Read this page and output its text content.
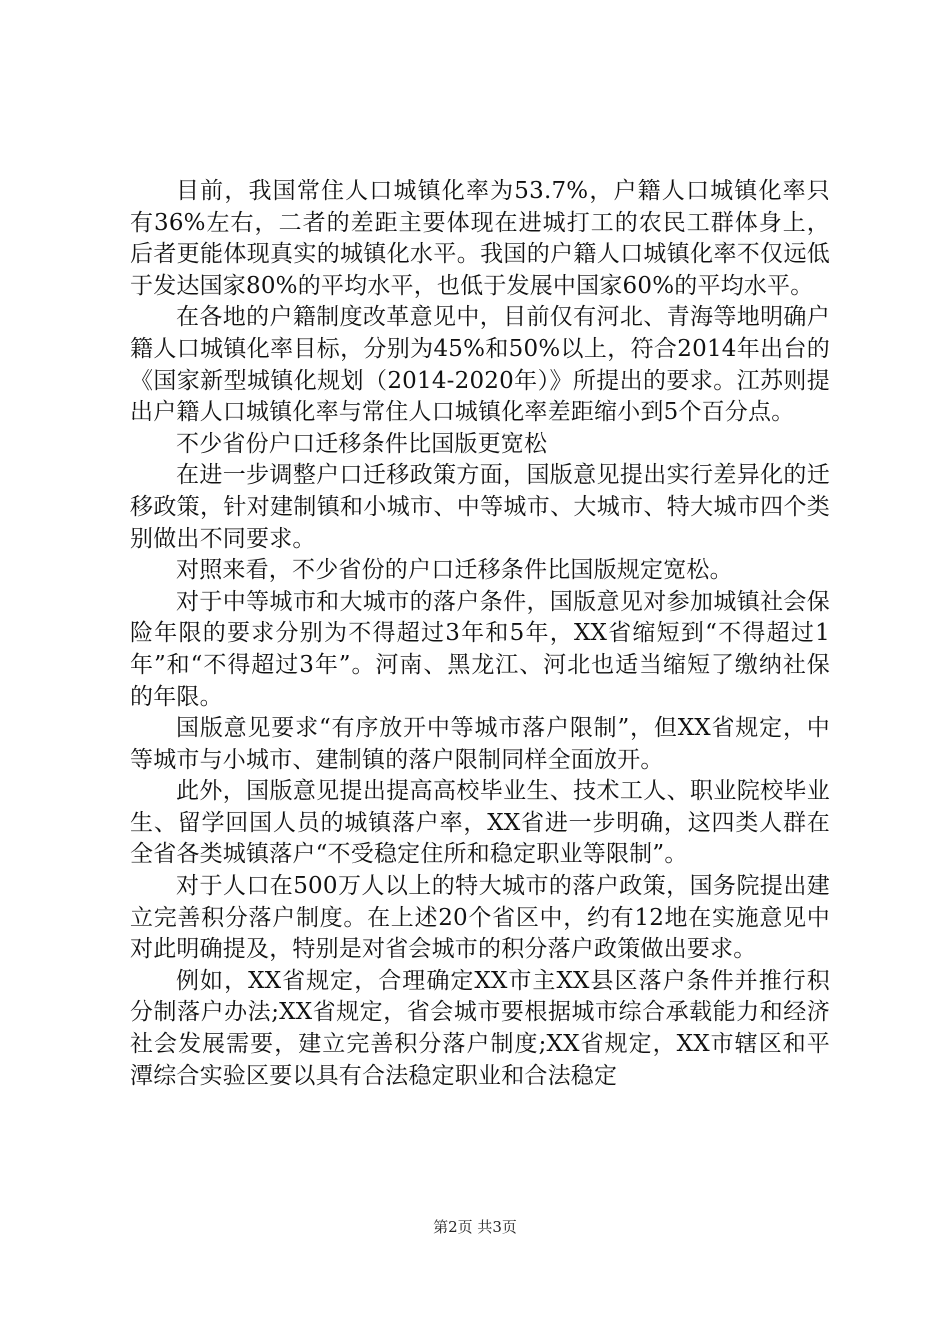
目前，我国常住人口城镇化率为53.7%，户籍人口城镇化率只有36%左右，二者的差距主要体现在进城打工的农民工群体身上，后者更能体现真实的城镇化水平。我国的户籍人口城镇化率不仅远低于发达国家80%的平均水平，也低于发展中国家60%的平均水平。

在各地的户籍制度改革意见中，目前仅有河北、青海等地明确户籍人口城镇化率目标，分别为45%和50%以上，符合2014年出台的《国家新型城镇化规划（2014-2020年）》所提出的要求。江苏则提出户籍人口城镇化率与常住人口城镇化率差距缩小到5个百分点。

不少省份户口迁移条件比国版更宽松

在进一步调整户口迁移政策方面，国版意见提出实行差异化的迁移政策，针对建制镇和小城市、中等城市、大城市、特大城市四个类别做出不同要求。

对照来看，不少省份的户口迁移条件比国版规定宽松。

对于中等城市和大城市的落户条件，国版意见对参加城镇社会保险年限的要求分别为不得超过3年和5年，XX省缩短到“不得超过1年”和“不得超过3年”。河南、黑龙江、河北也适当缩短了缴纳社保的年限。

国版意见要求“有序放开中等城市落户限制”，但XX省规定，中等城市与小城市、建制镇的落户限制同样全面放开。

此外，国版意见提出提高高校毕业生、技术工人、职业院校毕业生、留学回国人员的城镇落户率，XX省进一步明确，这四类人群在全省各类城镇落户“不受稳定住所和稳定职业等限制”。

对于人口在500万人以上的特大城市的落户政策，国务院提出建立完善积分落户制度。在上述20个省区中，约有12地在实施意见中对此明确提及，特别是对省会城市的积分落户政策做出要求。

例如，XX省规定，合理确定XX市主XX县区落户条件并推行积分制落户办法;XX省规定，省会城市要根据城市综合承载能力和经济社会发展需要，建立完善积分落户制度;XX省规定，XX市辖区和平潭综合实验区要以具有合法稳定职业和合法稳定

第2页 共3页
